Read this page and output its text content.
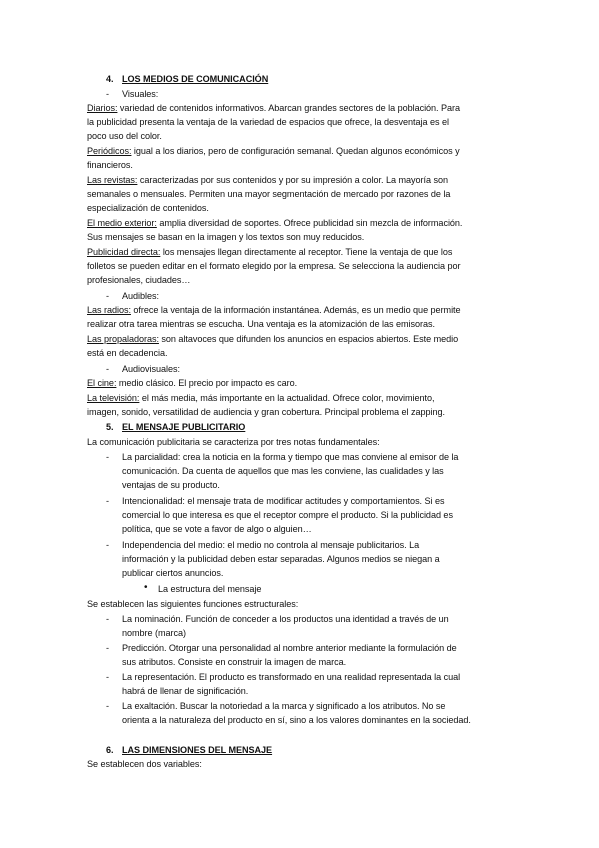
4. LOS MEDIOS DE COMUNICACIÓN
- Visuales:
Diarios: variedad de contenidos informativos. Abarcan grandes sectores de la población. Para
la publicidad presenta la ventaja de la variedad de espacios que ofrece, la desventaja es el
poco uso del color.
Periódicos: igual a los diarios, pero de configuración semanal. Quedan algunos económicos y
financieros.
Las revistas: caracterizadas por sus contenidos y por su impresión a color. La mayoría son
semanales o mensuales. Permiten una mayor segmentación de mercado por razones de la
especialización de contenidos.
El medio exterior: amplia diversidad de soportes. Ofrece publicidad sin mezcla de información.
Sus mensajes se basan en la imagen y los textos son muy reducidos.
Publicidad directa: los mensajes llegan directamente al receptor. Tiene la ventaja de que los
folletos se pueden editar en el formato elegido por la empresa. Se selecciona la audiencia por
profesionales, ciudades…
- Audibles:
Las radios: ofrece la ventaja de la información instantánea. Además, es un medio que permite
realizar otra tarea mientras se escucha. Una ventaja es la atomización de las emisoras.
Las propaladoras: son altavoces que difunden los anuncios en espacios abiertos. Este medio
está en decadencia.
- Audiovisuales:
El cine: medio clásico. El precio por impacto es caro.
La televisión: el más media, más importante en la actualidad. Ofrece color, movimiento,
imagen, sonido, versatilidad de audiencia y gran cobertura. Principal problema el zapping.
5. EL MENSAJE PUBLICITARIO
La comunicación publicitaria se caracteriza por tres notas fundamentales:
- La parcialidad: crea la noticia en la forma y tiempo que mas conviene al emisor de la
comunicación. Da cuenta de aquellos que mas les conviene, las cualidades y las
ventajas de su producto.
- Intencionalidad: el mensaje trata de modificar actitudes y comportamientos. Si es
comercial lo que interesa es que el receptor compre el producto. Si la publicidad es
política, que se vote a favor de algo o alguien…
- Independencia del medio: el medio no controla al mensaje publicitarios. La
información y la publicidad deben estar separadas. Algunos medios se niegan a
publicar ciertos anuncios.
• La estructura del mensaje
Se establecen las siguientes funciones estructurales:
- La nominación. Función de conceder a los productos una identidad a través de un
nombre (marca)
- Predicción. Otorgar una personalidad al nombre anterior mediante la formulación de
sus atributos. Consiste en construir la imagen de marca.
- La representación. El producto es transformado en una realidad representada la cual
habrá de llenar de significación.
- La exaltación. Buscar la notoriedad a la marca y significado a los atributos. No se
orienta a la naturaleza del producto en sí, sino a los valores dominantes en la sociedad.
6. LAS DIMENSIONES DEL MENSAJE
Se establecen dos variables:
